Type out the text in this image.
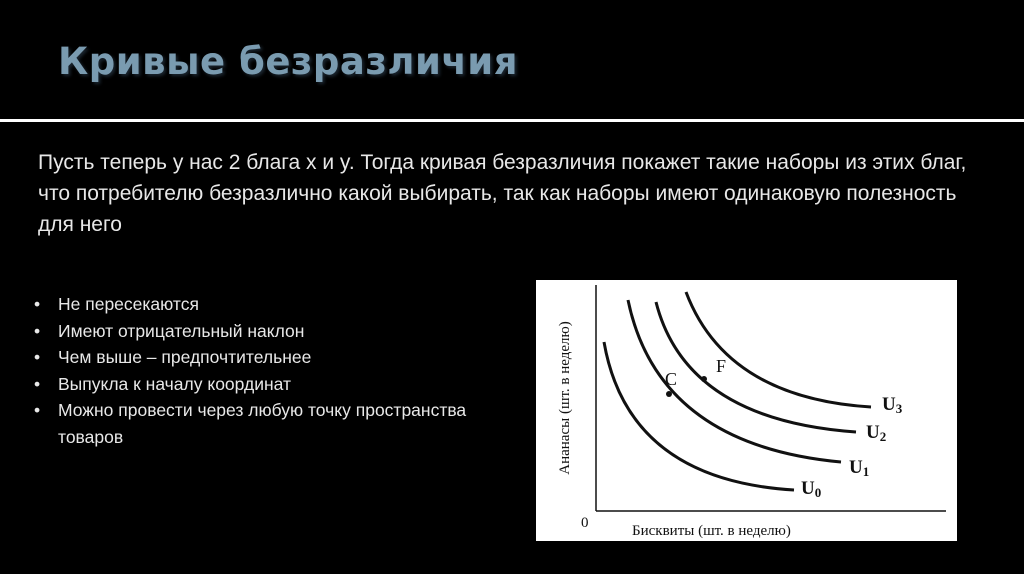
Кривые безразличия

Пусть теперь у нас 2 блага x и y. Тогда кривая безразличия покажет такие наборы из этих благ, что потребителю безразлично какой выбирать, так как наборы имеют одинаковую полезность для него

• Не пересекаются
• Имеют отрицательный наклон
• Чем выше – предпочтительнее
• Выпукла к началу координат
• Можно провести через любую точку пространства товаров
C
F
U0
U1
U2
U3
0	Бисквиты (шт. в неделю)
Ананасы (шт. в неделю)
